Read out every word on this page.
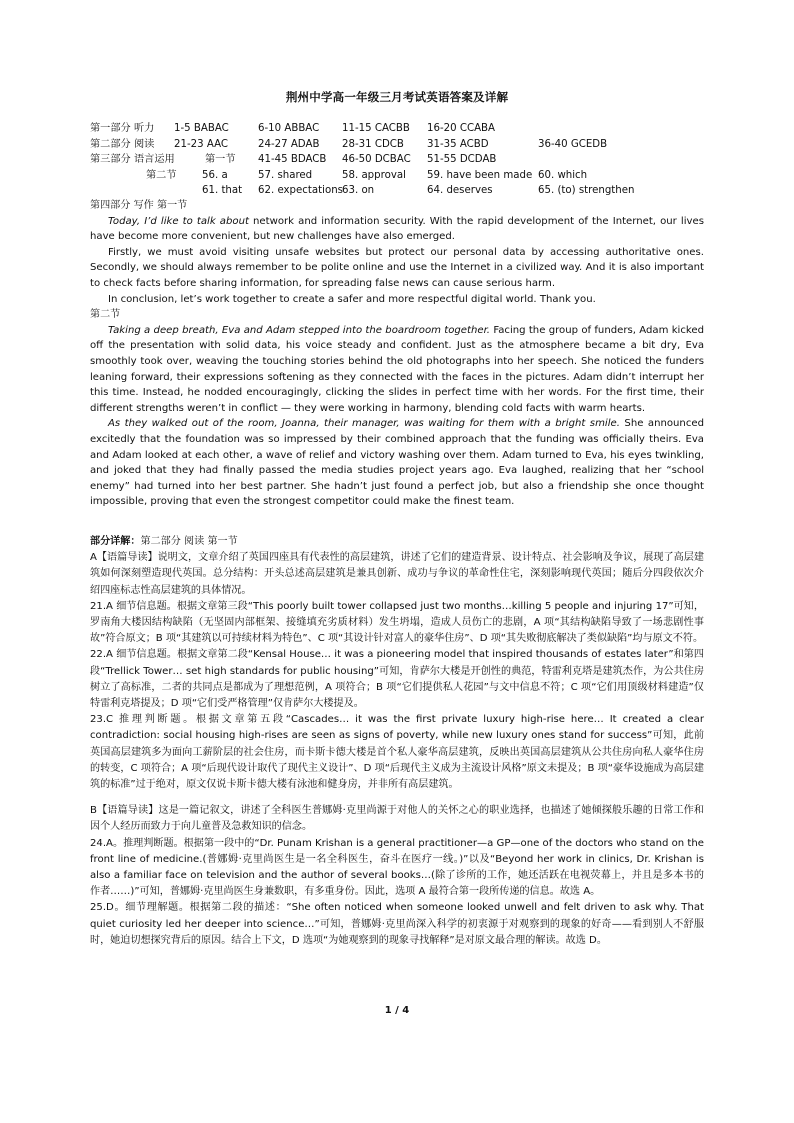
荆州中学高一年级三月考试英语答案及详解
第一部分 听力 1-5 BABAC	6-10 ABBAC 11-15 CACBB 16-20 CCABA
第二部分 阅读 21-23 AAC	24-27 ADAB 28-31 CDCB 31-35 ACBD	36-40 GCEDB
第三部分 语言运用	第一节 41-45 BDACB 46-50 DCBAC 51-55 DCDAB
第二节 56. a	57. shared	58. approval 59. have been made 60. which
61. that 62. expectations 63. on	64. deserves	65. (to) strengthen

第四部分 写作 第一节

Today, I’d like to talk about network and information security. With the rapid development of the Internet, our lives have become more convenient, but new challenges have also emerged.

Firstly, we must avoid visiting unsafe websites but protect our personal data by accessing authoritative ones. Secondly, we should always remember to be polite online and use the Internet in a civilized way. And it is also important to check facts before sharing information, for spreading false news can cause serious harm.

In conclusion, let’s work together to create a safer and more respectful digital world. Thank you.

第二节

Taking a deep breath, Eva and Adam stepped into the boardroom together. Facing the group of funders, Adam kicked off the presentation with solid data, his voice steady and confident. Just as the atmosphere became a bit dry, Eva smoothly took over, weaving the touching stories behind the old photographs into her speech. She noticed the funders leaning forward, their expressions softening as they connected with the faces in the pictures. Adam didn’t interrupt her this time. Instead, he nodded encouragingly, clicking the slides in perfect time with her words. For the first time, their different strengths weren’t in conflict — they were working in harmony, blending cold facts with warm hearts.

As they walked out of the room, Joanna, their manager, was waiting for them with a bright smile. She announced excitedly that the foundation was so impressed by their combined approach that the funding was officially theirs. Eva and Adam looked at each other, a wave of relief and victory washing over them. Adam turned to Eva, his eyes twinkling, and joked that they had finally passed the media studies project years ago. Eva laughed, realizing that her “school enemy” had turned into her best partner. She hadn’t just found a perfect job, but also a friendship she once thought impossible, proving that even the strongest competitor could make the finest team.

部分详解：第二部分 阅读 第一节

A【语篇导读】说明文，文章介绍了英国四座具有代表性的高层建筑，讲述了它们的建造背景、设计特点、社会影响及争议，展现了高层建筑如何深刻塑造现代英国。总分结构：开头总述高层建筑是兼具创新、成功与争议的革命性住宅，深刻影响现代英国；随后分四段依次介绍四座标志性高层建筑的具体情况。

21.A 细节信息题。根据文章第三段“This poorly built tower collapsed just two months…killing 5 people and injuring 17”可知，罗南角大楼因结构缺陷（无坚固内部框架、接缝填充劣质材料）发生坍塌，造成人员伤亡的悲剧，A 项“其结构缺陷导致了一场悲剧性事故”符合原文；B 项“其建筑以可持续材料为特色”、C 项“其设计针对富人的豪华住房”、D 项“其失败彻底解决了类似缺陷”均与原文不符。

22.A 细节信息题。根据文章第二段“Kensal House… it was a pioneering model that inspired thousands of estates later”和第四段“Trellick Tower… set high standards for public housing”可知，肯萨尔大楼是开创性的典范，特雷利克塔是建筑杰作，为公共住房树立了高标准，二者的共同点是都成为了理想范例，A 项符合；B 项“它们提供私人花园”与文中信息不符；C 项“它们用顶级材料建造”仅特雷利克塔提及；D 项“它们受严格管理”仅肯萨尔大楼提及。

23.C 推理判断题。根据文章第五段“Cascades… it was the first private luxury high-rise here… It created a clear contradiction: social housing high-rises are seen as signs of poverty, while new luxury ones stand for success”可知，此前英国高层建筑多为面向工薪阶层的社会住房，而卡斯卡德大楼是首个私人豪华高层建筑，反映出英国高层建筑从公共住房向私人豪华住房的转变，C 项符合；A 项“后现代设计取代了现代主义设计”、D 项“后现代主义成为主流设计风格”原文未提及；B 项“豪华设施成为高层建筑的标准”过于绝对，原文仅说卡斯卡德大楼有泳池和健身房，并非所有高层建筑。

B【语篇导读】这是一篇记叙文，讲述了全科医生普娜姆·克里尚源于对他人的关怀之心的职业选择，也描述了她倾探般乐趣的日常工作和因个人经历而致力于向儿童普及急救知识的信念。

24.A。推理判断题。根据第一段中的“Dr. Punam Krishan is a general practitioner—a GP—one of the doctors who stand on the front line of medicine.(普娜姆·克里尚医生是一名全科医生，奋斗在医疗一线。)”以及“Beyond her work in clinics, Dr. Krishan is also a familiar face on television and the author of several books…(除了诊所的工作，她还活跃在电视荧幕上，并且是多本书的作者……)”可知，普娜姆·克里尚医生身兼数职，有多重身份。因此，选项 A 最符合第一段所传递的信息。故选 A。

25.D。细节理解题。根据第二段的描述：“She often noticed when someone looked unwell and felt driven to ask why. That quiet curiosity led her deeper into science…”可知，普娜姆·克里尚深入科学的初衷源于对观察到的现象的好奇——看到别人不舒服时，她迫切想探究背后的原因。结合上下文，D 选项“为她观察到的现象寻找解释”是对原文最合理的解读。故选 D。

1 / 4
